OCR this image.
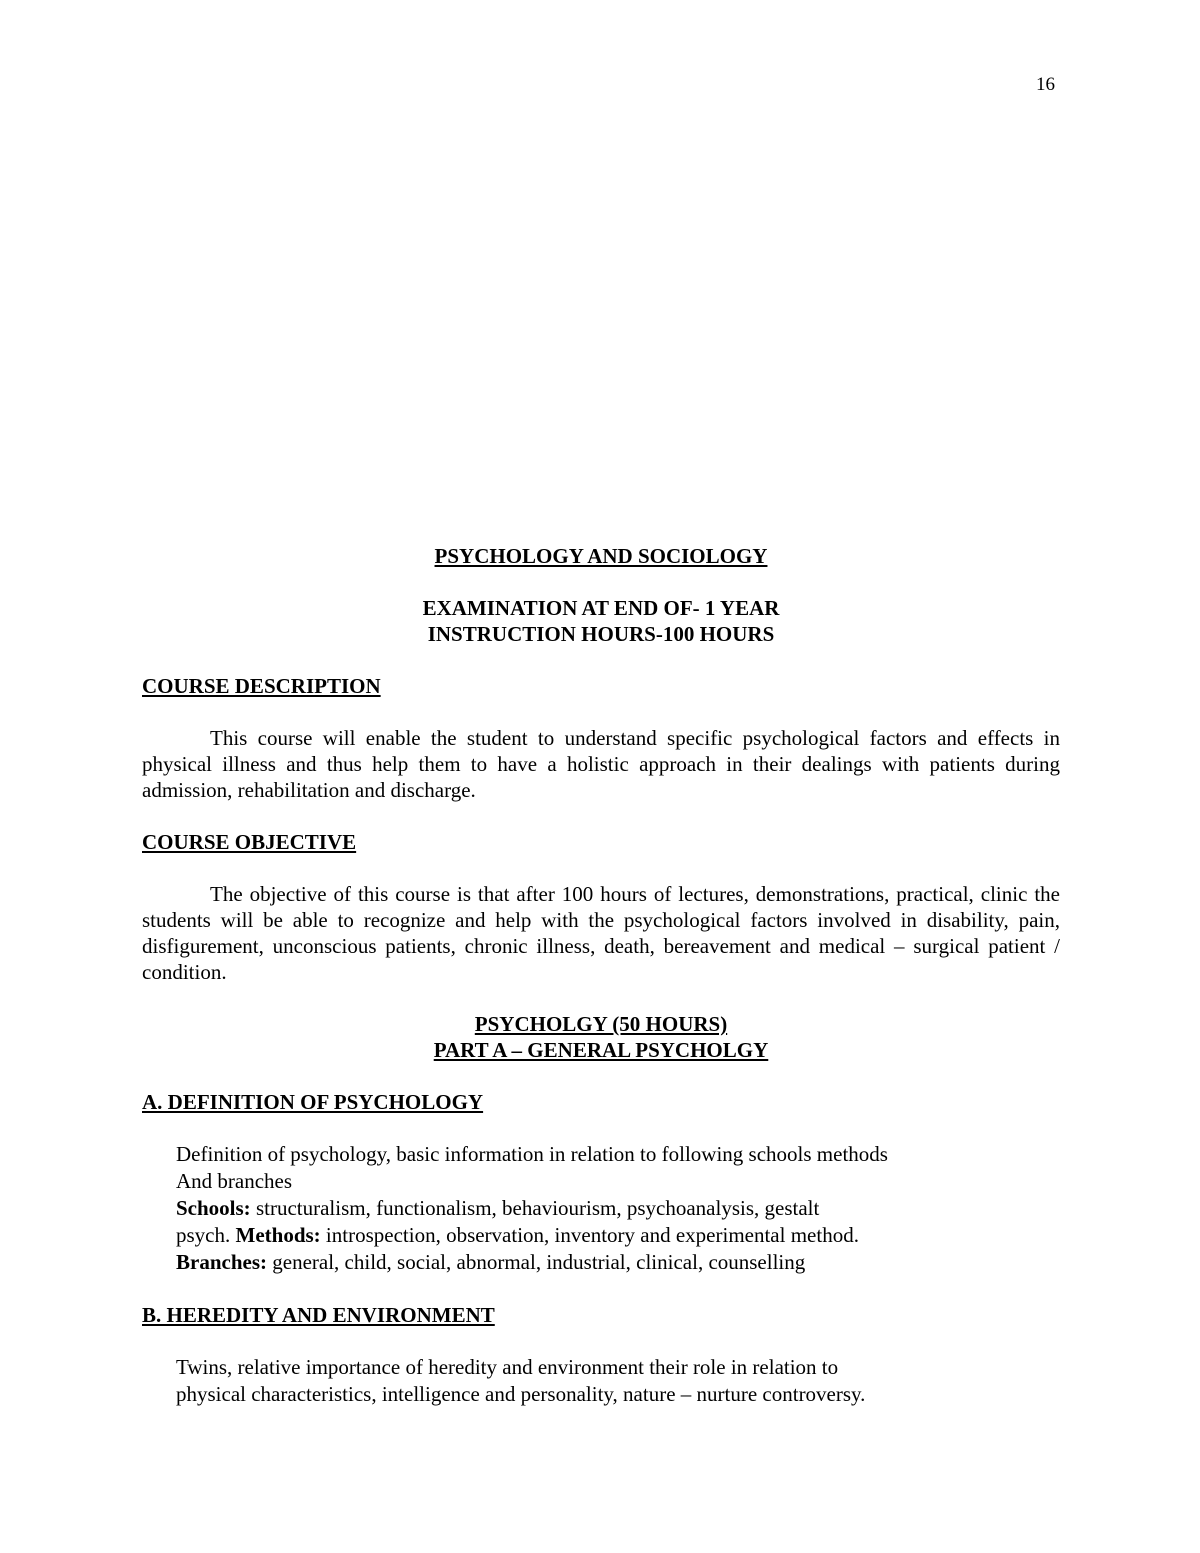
16
PSYCHOLOGY AND SOCIOLOGY
EXAMINATION AT END OF- 1 YEAR
INSTRUCTION HOURS-100 HOURS
COURSE DESCRIPTION

This course will enable the student to understand specific psychological factors and effects in physical illness and thus help them to have a holistic approach in their dealings with patients during admission, rehabilitation and discharge.

COURSE OBJECTIVE

The objective of this course is that after 100 hours of lectures, demonstrations, practical, clinic the students will be able to recognize and help with the psychological factors involved in disability, pain, disfigurement, unconscious patients, chronic illness, death, bereavement and medical – surgical patient / condition.

PSYCHOLGY (50 HOURS)
PART A – GENERAL PSYCHOLGY
A. DEFINITION OF PSYCHOLOGY
Definition of psychology, basic information in relation to following schools methods
And branches
Schools: structuralism, functionalism, behaviourism, psychoanalysis, gestalt
psych. Methods: introspection, observation, inventory and experimental method.
Branches: general, child, social, abnormal, industrial, clinical, counselling
B. HEREDITY AND ENVIRONMENT
Twins, relative importance of heredity and environment their role in relation to
physical characteristics, intelligence and personality, nature – nurture controversy.
